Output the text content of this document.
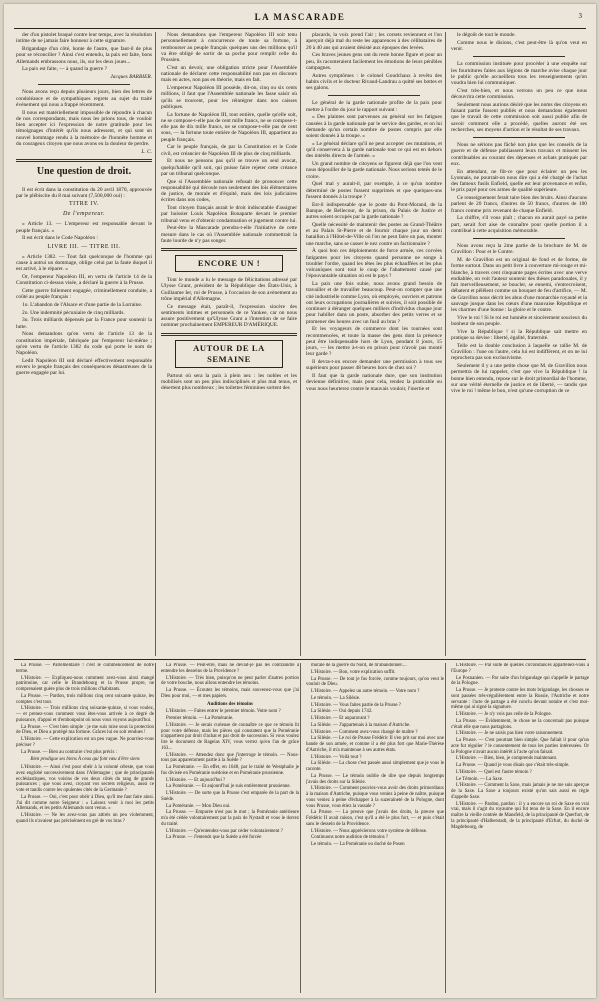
LA MASCARADE	3

der d'un pistolet braqué contre leur temps, avec la résolution intime de ne jamais faire honneur à cette signature.

Brigandage d'un côté, honte de l'autre, que faut-il de plus pour se réconcilier ? Ainsi c'est entendu, la paix est faite, bons Allemands embrassons nous, ils, sur les deux joues...

La paix est faite, — à quand la guerre ?

Jacques BARBIER.

Nous avons reçu depuis plusieurs jours, bien des lettres de condoléance et de sympathiques regrets au sujet du traité événement qui nous a frappé récemment.

Il nous est matériellement impossible de répondre à chacun de nos correspondants, mais nous les prions tous, de vouloir bien accepter ici l'expression de notre gratitude pour les témoignages d'intérêt qu'ils nous adressent, et qui sont un nouvel hommage rendu à la mémoire de l'honnête homme et du courageux citoyen que nous avons eu la douleur de perdre.

L. C.

Une question de droit.

Il est écrit dans la constitution du 20 avril 1870, approuvée par le plébiscite du 8 mai suivant (7,500,000 oui) :

TITRE IV.
De l'empereur.

« Article 13. — L'empereur est responsable devant le peuple français. »

Il est écrit dans le Code Napoléon :

LIVRE III. — TITRE III.

« Article 1382. — Tout fait quelconque de l'homme qui cause à autrui un dommage, oblige celui par la faute duquel il est arrivé, à le réparer. »

Or, l'empereur Napoléon III, en vertu de l'article 14 de la Constitution ci-dessus visée, a déclaré la guerre à la Prusse.

Cette guerre follement engagée, criminellement conduite, a coûté au peuple français :

1o. L'abandon de l'Alsace et d'une partie de la Lorraine.

2o. Une indemnité pécuniaire de cinq milliards.

3o. Trois milliards dépensés par la France pour soutenir la lutte.

Nous demandons qu'en vertu de l'article 13 de la constitution impériale, fabriquée par l'empereur lui-même ; qu'en vertu de l'article 1382 du code qui porte le nom de Napoléon.

Ledit Napoléon III soit déclaré effectivement responsable envers le peuple français des conséquences désastreuses de la guerre engagée par lui.

Nous demandons que l'empereur Napoléon III soit tenu personnellement à concurrence de toute sa fortune, à rembourser au peuple français quelques uns des millions qu'il va être obligé de sortir de sa poche pour remplir celle du Prussien.

C'est un devoir, une obligation stricte pour l'Assemblée nationale de déclarer cette responsabilité non pas en discours mais en actes, non pas en théorie, mais en fait.

L'empereur Napoléon III possède, dit-on, cinq ou six cents millions, il faut que l'Assemblée nationale les fasse saisir où qu'ils se trouvent, pour les réintégrer dans nos caisses publiques.

La fortune de Napoléon III, tout entière, quelle qu'elle soit, ne se compose-t-elle pas de cent mille francs, ne se compose-t-elle pas de dix mille francs, ne se compose-t-elle pas de cent sous, — la fortune toute entière de Napoléon III, appartient au peuple français.

Car le peuple français, de par la Constitution et le Code civil, est créancier de Napoléon III de plus de cinq milliards.

Et nous ne pensons pas qu'il se trouve un seul avocat, quelqu'habile qu'il soit, qui puisse faire rejeter cette créance par un tribunal quelconque.

Que si l'Assemblée nationale refusait de prononcer cette responsabilité qui découle non seulement des lois élémentaires de justice, de morale et d'équité, mais des lois judiciaires écrites dans nos codes,

Tout citoyen français aurait le droit indiscutable d'assigner par huissier Louis Napoléon Bonaparte devant le premier tribunal venu et d'obtenir condamnation et jugement contre lui.

Peut-être la Mascarade prendra-t-elle l'initiative de cette mesure dans le cas où l'Assemblée nationale commettrait la faute lourde de n'y pas songer.

ENCORE UN !

Tout le monde a lu le message de félicitations adressé par Ulysse Grant, président de la République des États-Unis, à Guillaume Ier, roi de Prusse, à l'occasion de son avènement au trône impérial d'Allemagne.

Ce message était, paraît-il, l'expression sincère des sentiments intimes et personnels de ce Yankee, car on nous assure positivement qu'Ulysse Grant a l'intention de se faire nommer prochainement EMPEREUR D'AMÉRIQUE.

AUTOUR DE LA SEMAINE

Partout où sera la paix à plein nez : les nobles et les mobilisés sont un peu plus indisciplinés et plus mal tenus, et désertent plus nombreux ; les toilettes féminines sortent des

placards, la voix prend l'air ; les corsets reviennent et l'on aperçoit déjà mal du reste les apparences à des célibataires de 20 à 40 ans qui avaient désisté aux époques des levées.

Ces braves jeunes gens ont du reste bonne figure et pour un peu, ils raconteraient facilement les émotions de leurs pénibles campagnes.

Autres symptômes : le colonel Goudchaux à revêtu des habits civils et le docteur Rivaud-Landrau a quitté ses bottes et ses galons.

Le général de la garde nationale profite de la paix pour mettre à l'ordre du jour le rapport suivant :

« Des plaintes sont parvenues au général sur les fatigues causées à la garde nationale par le service des gardes, et on lui demande qu'un certain nombre de postes compris par elle soient donnés à la troupe. »

« Le général déclare qu'il ne peut accepter ces mutations, et qu'il conservera à la garde nationale tout ce qui est en dehors des intérêts directs de l'armée. »

Un grand nombre de citoyens se figurent déjà que l'on veut nous dépouiller de la garde nationale. Nous serions tentés de le croire.

Quel mal y aurait-il, par exemple, à ce qu'un nombre déterminé de postes fussent supprimés et que quelques-uns fussent donnés à la troupe ?

Est-il indispensable que le poste du Pont-Morand, de la Banque, de Bellecour, de la prison, du Palais de Justice et autres soient occupés par la garde nationale ?

Quelle nécessité de maintenir des postes au Grand-Théâtre et au Palais St-Pierre et de fournir chaque jour un demi bataillon à l'Hôtel-de-Ville où l'on ne peut faire un pas, monter une marche, sans se casser le nez contre un factionnaire ?

À quoi bon ces déploiements de force armée, ces corvées fatigantes pour les citoyens quand personne ne songe à troubler l'ordre, quand les têtes les plus échauffées et les plus volcaniques sont tout le coup de l'abattement causé par l'épouvantable situation où est le pays ?

La paix une fois subie, nous avons grand besoin de travailler et de travailler beaucoup. Peut-on compter que une cité industrielle comme Lyon, où employés, ouvriers et patrons ont leurs occupations journalières et suivies, il soit possible de continuer à déranger quelques milliers d'individus chaque jour pour habiller dans un poste, absorber des petits verres et se promener des heures avec un fusil au bras ?

Et les voyageurs de commerce dont les tournées sont recommencées, et toute la masse des gens dont la présence peut être indispensable hors de Lyon, pendant 8 jours, 15 jours, — les mettre à-t-on en prison pour n'avoir pas monté leur garde ?

Il devra-t-on encore demander une permission à tous ses supérieurs pour passer 48 heures hors de chez soi ?

Il faut que la garde nationale dure, que son institution devienne définitive, mais pour cela, rendez la praticable ou vous nous heurterez contre le mauvais vouloir, l'inertie et

le dégoût de tout le monde.

Comme nous le disions, c'est peut-être là qu'on veut en venir.

La commission instituée pour procéder à une enquête sur les fournitures faites aux légions de marche avise chaque jour le public qu'elle accueillera tous les renseignements qu'on voudra bien lui communiquer.

C'est très-bien, et nous verrons un peu ce que nous découvrira cette commission.

Seulement nous aurions désiré que les noms des citoyens en faisant partie fussent publiés et nous demandons également que le travail de cette commission soit aussi publié afin de savoir comment elle a procédé, quelles auront été ses recherches, ses moyens d'action et le résultat de ses travaux.

Nous ne sérions pas fâché non plus que les conseils de la guerre et de défense publiassent leurs travaux et missent les contribuables au courant des dépenses et achats pratiqués par eux.

En attendant, ne fût-ce que pour éclairer un peu les Lyonnais, ne pourrait-on nous dire qui a été chargé de l'achat des fameux fusils Enfield, quelle est leur provenance et enfin, le prix payé pour ces armes de qualité supérieure.

Ce renseignement ferait taire bien des bruits. Ainsi d'aucuns parlent de 20 francs, d'autres de 50 francs, d'autres de 100 francs comme prix revenant de chaque Enfield.

La chiffre, s'il vous plaît ; chacun en aurait payé sa petite part, serait fort aise de connaître pour quelle portion il a contribué à cette acquisition mémorable.

Nous avons reçu la 2me partie de la brochure de M. de Gravillon : Pour et le Contre.

M. de Gravillon est un original de fond et de forme, de forme surtout. Dans un petit livre à couverture mi-rouge et mi-blanche, à travers cent cinquante pages écrites avec une verve endiablée, on voit l'auteur soutenir des thèses paradoxales, il y fait merveilleusement, se boucler, se ennemi, s'entrecroisent, débatent et pêlêlent comme un bouquet de feu d'artifice, — M. de Gravillon nous décrit les abus d'une monarchie royauté et la sauvage jusque dans les cœurs d'une mauvaise République et les charmes d'une bonne : la gloire et le contre.

Vive le roi ! Si le roi est honnête et sincèrement soucieux du bonheur de son peuple.

Vive la République ! si la République sait mettre en pratique sa devise : liberté, égalité, fraternité.

Telle est la double conclusion à laquelle se rallie M. de Gravillon : l'une ou l'autre, cela lui est indifférent, et on ne lui reprochera pas son exclusivisme.

Seulement il y a une petite chose que M. de Gravillon nous permettra de lui rappeler, c'est que vive la République ! la bonne bien entendu, repose sur le droit primordial de l'homme, sur une vérité éternelle de justice et de liberté, — tandis que vive le roi ! même le bon, n'est qu'une corruption de ce

La Prusse. — Parlementaire ! c'est le commencement de notre terme.

L'Histoire. — Expliquez-nous comment avez-vous ainsi mangé patrimoine, car celle le Brandebourg et la Prusse propre, ne comprenaient guère plus de trois millions d'habitants.

La Prusse. — Pardon, trois millions cinq cent soixante quinze, les comptes c'est tout.

L'Histoire. — Trois millions cinq soixante-quinze, si vous voulez, — et prenez-vous comment vous êtes-vous arrivée à ce degré de puissance, d'appui et d'embonpoint où nous vous voyons aujourd'hui.

La Prusse. — C'est bien simple : je me suis mise sous la protection de Dieu, et Dieu a protégé ma fortune. Grâces lui en soit rendues !

L'Histoire. — Cette explication est un peu vague. Ne pourriez-vous préciser ?

La Prusse. — Bien au contraire c'est plus précis :

Bien prodigue ses biens À ceux qui font vœu d'être siens

L'Histoire. — Ainsi c'est pour obéir à la volonté céleste, que vous avez englobé successivement dans l'Allemagne ; que de principautés ecclésiastiques, vos voisins de vos deux côtés du rang de grands puissances ; que vous avez, croyant vos secrets religieux, aussi ce vote et tandis contre les opulentes cités de la Germanie ?

La Prusse. — Oui, c'est pour obéir à Dieu, qu'il me faut faire ainsi. J'ai dit comme notre Seigneur : « Laissez venir à moi les petits Allemands, et les petits Allemands sont venus. »

L'Histoire. — Ne les avez-vous pas attirés un peu violemment, quand ils n'avaient pas précisément en gré de vos bras ?

La Prusse. — Peut-être, mais ne devait-je pas les contraindre à entendre les desseins de la Providence ?

L'Histoire. — Très bien, puisqu'on ne peut parler d'autres portion de votre bouche, nous allons entendre les témoins.

La Prusse. — Écoutez les témoins, mais souvenez-vous que j'ai Dieu pour moi, — et mes papiers.

Auditions des témoins

L'Histoire. — Faites entrer le premier témoin. Votre nom ?

Premier témoin. — La Poméranie.

L'Histoire. — Je serais curieuse de connaître ce que ce témoin lit pour votre défense, mais les pièces qui constatent que la Poméranie n'appartient par droit d'achat et par droit de succession. Si vous voulez lire le document de Ragelas XIV, vous verrez qu'en l'an de grâce 163...

L'Histoire. — Attendez donc que j'interroge le témoin. — Nous-tous pas apparemment partie à la Suède ?

La Poméranie. — En effet, en 1648, par le traité de Westphalie je fus divisée en Poméranie suédoise et en Poméranie prussienne.

L'Histoire. — Et aujourd'hui ?

La Poméranie. — Et aujourd'hui je suis entièrement prussienne.

L'Histoire. — De sorte que la Prusse c'est emparée de la part de la Suède.

La Poméranie. — Mon Dieu oui.

La Prusse. — Empurée n'est pas le mot ; la Poméranie antérieure m'a été cédée volontairement par la paix de Nystadt et vous le dorrez du traité.

L'Histoire. — Qu'entendez-vous par céder volontairement ?

La Prusse. — J'entends que la Suède a été forcée

morale de la guerre du Nord, de m'abandonner....

L'Histoire. — Bon, votre explication suffit.

La Prusse. — De tout je fus forcée, comme toujours, qu'on veut le vouloir de Dieu.

L'Histoire. — Appelez un autre témoin. — Votre nom ?

Le témoin. — La Silésie.

L'Histoire. — Vous faites partie de la Prusse ?

La Silésie. — Oui depuis 1742.

L'Histoire. — Et auparavant ?

La Silésie. — J'appartenais à la maison d'Autriche.

L'Histoire. — Comment avez-vous changé de maître ?

La Silésie. — Le roi de Prusse Frédéric II s'en prit sur moi avec une bande de son armée, et comme il a été plus fort que Marie-Thérèse d'Autriche, il m'a maintenue à ses autres états.

L'Histoire. — Voilà tout ?

La Silésie. — La chose c'est passée aussi simplement que je vous le raconte.

La Prusse. — Le témoin oublie de dire que depuis longtemps j'avais des droits sur la Silésie.

L'Histoire. — Comment pouviez-vous avoir des droits primordiaux à la maison d'Autriche, puisque vous veniez à peine de naître, puisque vous veniez à peine d'échapper à la suzeraineté de la Pologne, dont vous Prusse, vous étiez la vassale ?

La Prusse. — La preuve que j'avais des droits, la preuve que Frédéric II avait raison, c'est qu'il a été le plus fort, — et puis c'était sans le dessein de la Providence.

L'Histoire. — Nous apprécierons votre système de défense.

Continuons notre audition de témoins ?

Le témoin. — La Poméranie ou duché de Posen

L'Histoire. — Par suite de quelles circonstances appartenez-vous à l'Europe ?

Le Posnanien. — Par suite d'un brigandage qui s'appelle le partage de la Pologne.

La Prusse. — Je proteste contre les mots brigandage, les chosses se sont passées très-régulièrement entre la Russie, l'Autriche et notre servante : l'acte de partage a été conclu devant notaire et c'est moi-même qui ai signé la signature.

L'Histoire. — Je n'y vois pas celle de la Pologne.

La Prusse. — Évidemment, le chose ne la concernait pas puisque c'était elle que nous partagions.

L'Histoire. — Je ne saisis pas bien votre raisonnement.

La Prusse. — C'est pourtant bien simple. Que fallait il pour qu'un acte fut régulier ? le consentement de tous les parties intéressées. Or la Pologne n'avait aucun intérêt à l'acte qu'on faisait.

L'Histoire. — Bien, bien, je comprends maintenant.

La Prusse. — Quand je vous disais que c'était très-simple.

L'Histoire. — Quel est l'autre témoin ?

Le Témoin. — La Saxe.

L'Histoire. — Comment la Saxe, mais jamais je ne me suis aperçue de la Saxe. La Saxe a toujours existé qu'on sais aussi en règle d'appelle Saxe.

L'Histoire. — Pardon, pardon : il y a encore un roi de Saxe en vrai vrai, mais il s'agit du royaume qui fut tenu de la Saxe. En il encore maître la vieille contrée de Mansfeld, de la principauté de Querfurt, de la principauté d'Halberstadt, de la principauté d'Erfurt, du duché de Magdebourg, de
